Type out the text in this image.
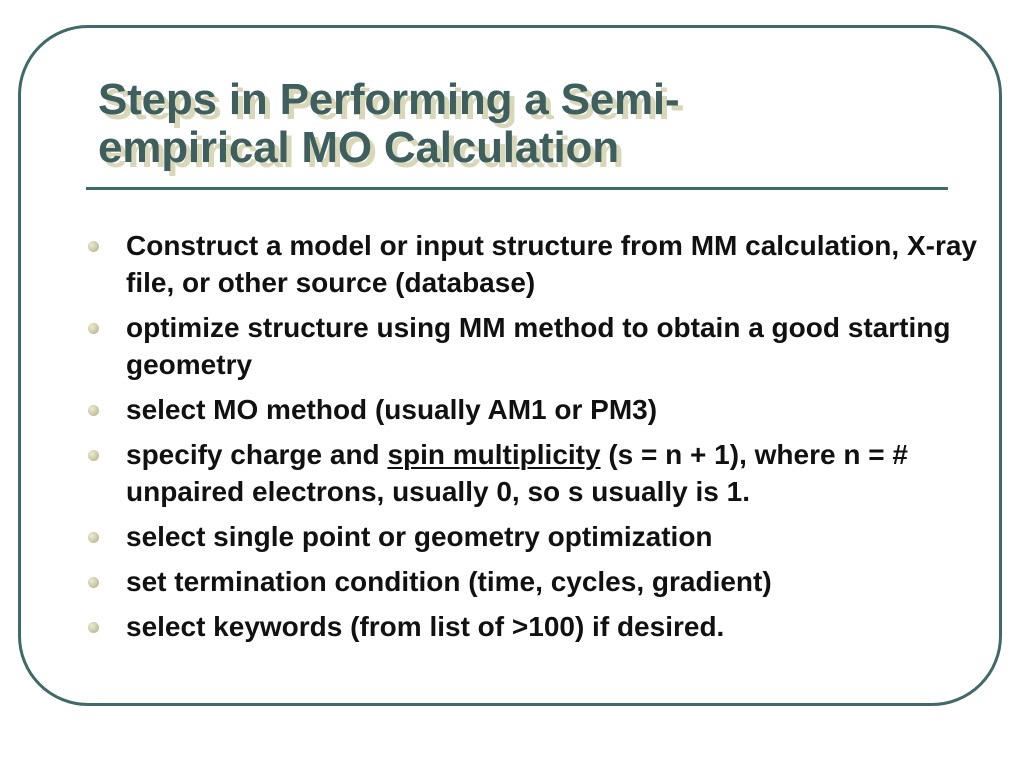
Steps in Performing a Semi-
empirical MO Calculation
Construct a model or input structure from MM calculation, X-ray file, or other source (database)
optimize structure using MM method to obtain a good starting geometry
select MO method (usually AM1 or PM3)
specify charge and spin multiplicity (s = n + 1), where n = # unpaired electrons, usually 0, so s usually is 1.
select single point or geometry optimization
set termination condition (time, cycles, gradient)
select keywords (from list of >100) if desired.
